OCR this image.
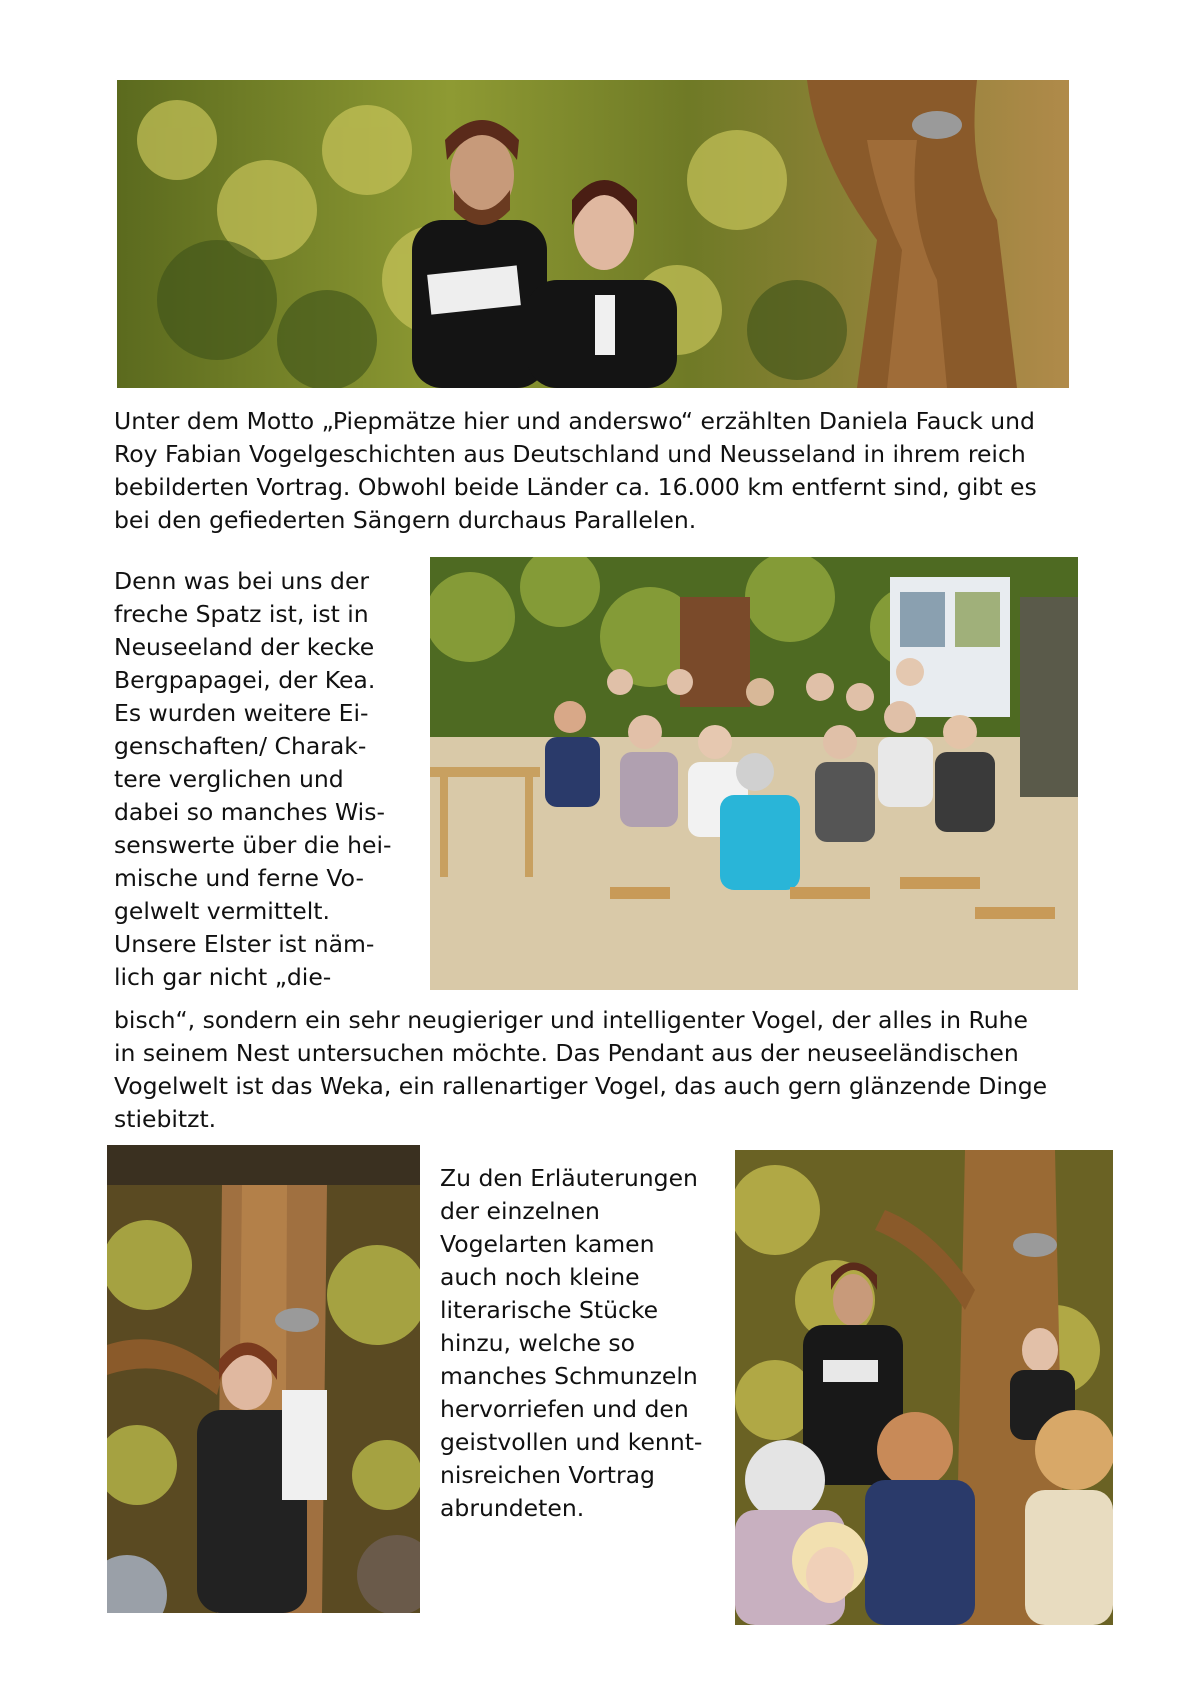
Unter dem Motto „Piepmätze hier und anderswo“ erzählten Daniela Fauck und
Roy Fabian Vogelgeschichten aus Deutschland und Neusseland in ihrem reich
bebilderten Vortrag. Obwohl beide Länder ca. 16.000 km entfernt sind, gibt es
bei den gefiederten Sängern durchaus Parallelen.
Denn was bei uns der
freche Spatz ist, ist in
Neuseeland der kecke
Bergpapagei, der Kea.
Es wurden weitere Ei-
genschaften/ Charak-
tere verglichen und
dabei so manches Wis-
senswerte über die hei-
mische und ferne Vo-
gelwelt vermittelt.
Unsere Elster ist näm-
lich gar nicht „die-
bisch“, sondern ein sehr neugieriger und intelligenter Vogel, der alles in Ruhe
in seinem Nest untersuchen möchte. Das Pendant aus der neuseeländischen
Vogelwelt ist das Weka, ein rallenartiger Vogel, das auch gern glänzende Dinge
stiebitzt.
Zu den Erläuterungen
der einzelnen
Vogelarten kamen
auch noch kleine
literarische Stücke
hinzu, welche so
manches Schmunzeln
hervorriefen und den
geistvollen und kennt-
nisreichen Vortrag
abrundeten.
